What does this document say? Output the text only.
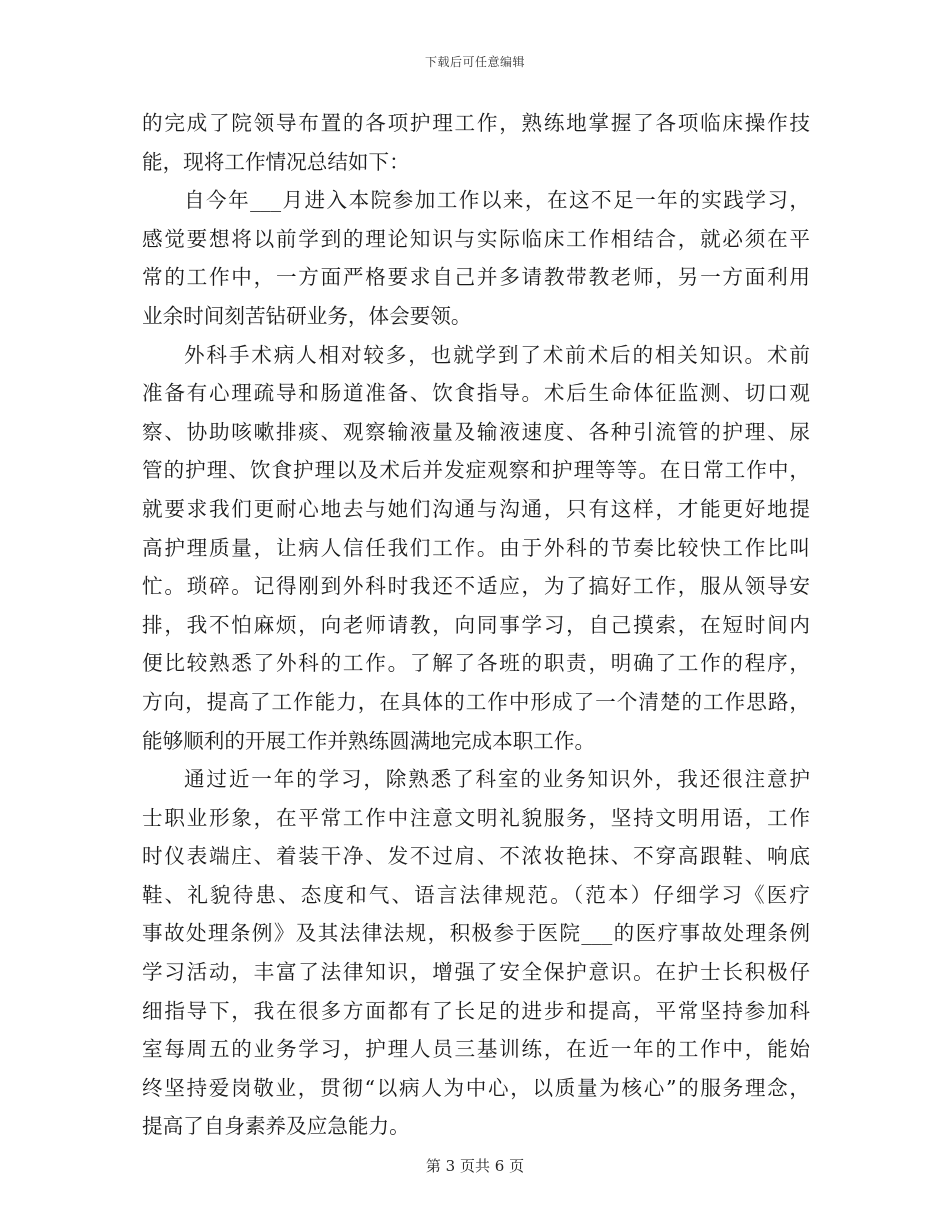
下载后可任意编辑
的完成了院领导布置的各项护理工作，熟练地掌握了各项临床操作技
能，现将工作情况总结如下：
自今年___月进入本院参加工作以来，在这不足一年的实践学习，
感觉要想将以前学到的理论知识与实际临床工作相结合，就必须在平
常的工作中，一方面严格要求自己并多请教带教老师，另一方面利用
业余时间刻苦钻研业务，体会要领。
外科手术病人相对较多，也就学到了术前术后的相关知识。术前
准备有心理疏导和肠道准备、饮食指导。术后生命体征监测、切口观
察、协助咳嗽排痰、观察输液量及输液速度、各种引流管的护理、尿
管的护理、饮食护理以及术后并发症观察和护理等等。在日常工作中，
就要求我们更耐心地去与她们沟通与沟通，只有这样，才能更好地提
高护理质量，让病人信任我们工作。由于外科的节奏比较快工作比叫
忙。琐碎。记得刚到外科时我还不适应，为了搞好工作，服从领导安
排，我不怕麻烦，向老师请教，向同事学习，自己摸索，在短时间内
便比较熟悉了外科的工作。了解了各班的职责，明确了工作的程序，
方向，提高了工作能力，在具体的工作中形成了一个清楚的工作思路，
能够顺利的开展工作并熟练圆满地完成本职工作。
通过近一年的学习，除熟悉了科室的业务知识外，我还很注意护
士职业形象，在平常工作中注意文明礼貌服务，坚持文明用语，工作
时仪表端庄、着装干净、发不过肩、不浓妆艳抹、不穿高跟鞋、响底
鞋、礼貌待患、态度和气、语言法律规范。（范本）仔细学习《医疗
事故处理条例》及其法律法规，积极参于医院___的医疗事故处理条例
学习活动，丰富了法律知识，增强了安全保护意识。在护士长积极仔
细指导下，我在很多方面都有了长足的进步和提高，平常坚持参加科
室每周五的业务学习，护理人员三基训练，在近一年的工作中，能始
终坚持爱岗敬业，贯彻“以病人为中心，以质量为核心”的服务理念，
提高了自身素养及应急能力。
第 3 页共 6 页
